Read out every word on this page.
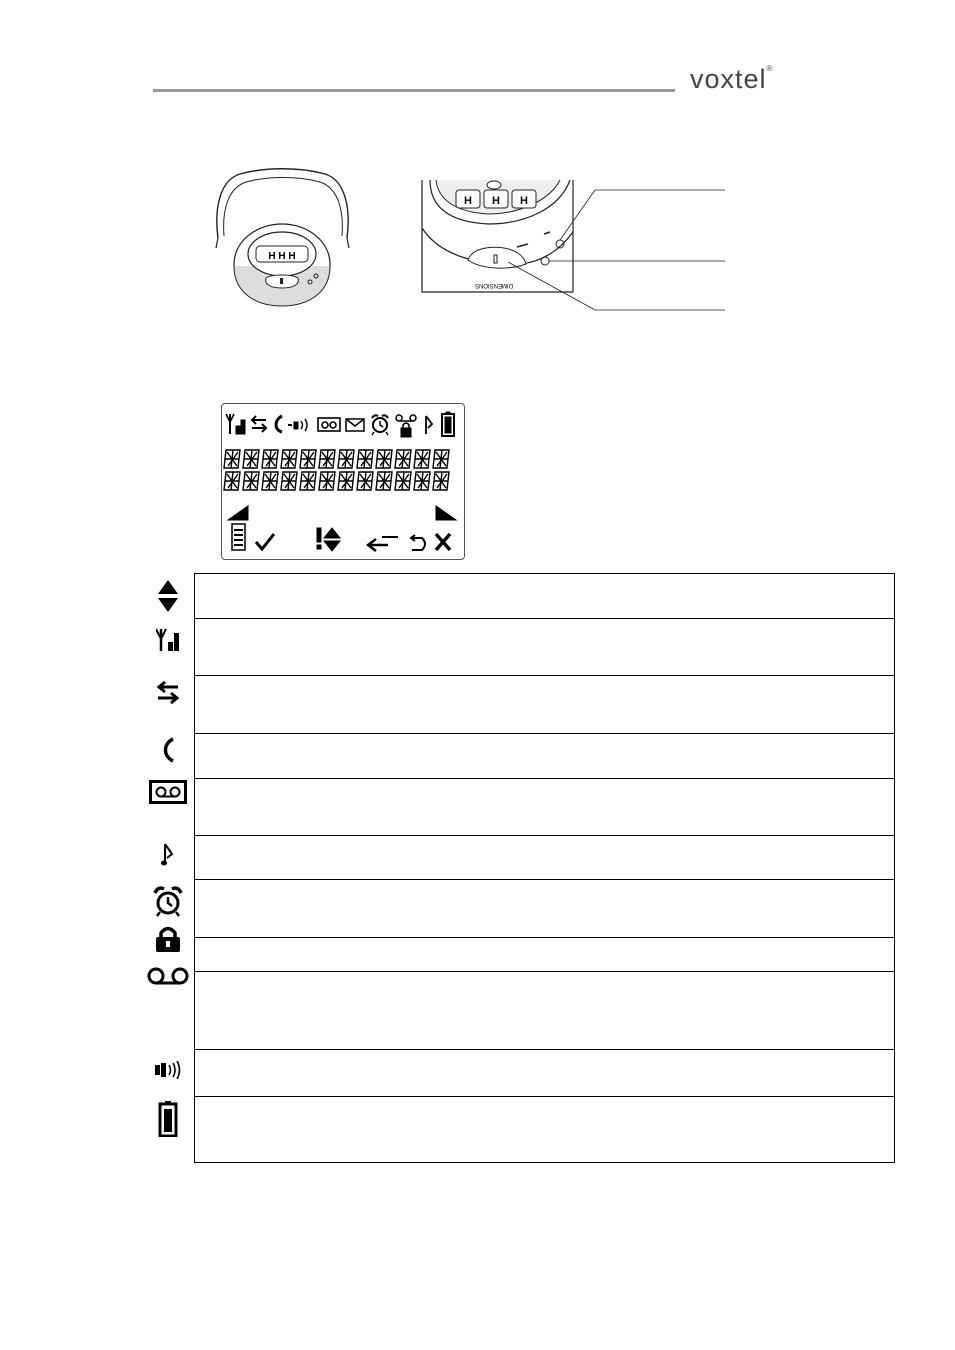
voxtel®
H H H
H H H
DIMENSIONS
